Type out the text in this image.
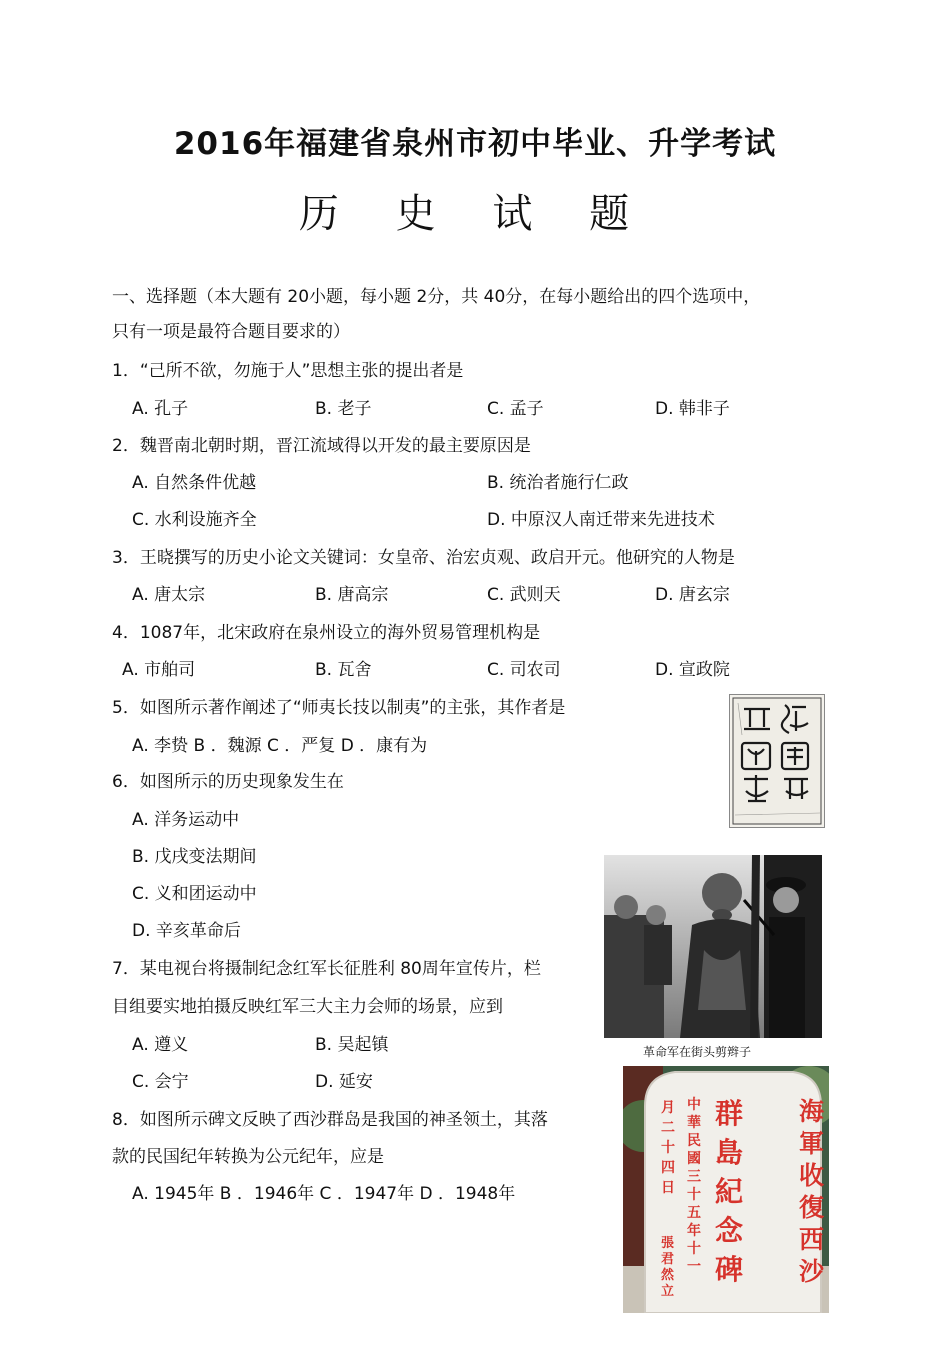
2016年福建省泉州市初中毕业、升学考试
历 史 试 题
一、选择题（本大题有 20小题，每小题 2分，共 40分，在每小题给出的四个选项中，
只有一项是最符合题目要求的）
1．“己所不欲，勿施于人”思想主张的提出者是
A. 孔子	B. 老子	C. 孟子	D. 韩非子
2．魏晋南北朝时期，晋江流域得以开发的最主要原因是
A. 自然条件优越	B. 统治者施行仁政
C. 水利设施齐全	D. 中原汉人南迁带来先进技术
3．王晓撰写的历史小论文关键词：女皇帝、治宏贞观、政启开元。他研究的人物是
A. 唐太宗	B. 唐高宗	C. 武则天	D. 唐玄宗
4．1087年，北宋政府在泉州设立的海外贸易管理机构是
A. 市舶司	B. 瓦舍	C. 司农司	D. 宣政院
5．如图所示著作阐述了“师夷长技以制夷”的主张，其作者是
A. 李贽 B ．魏源 C ．严复 D ．康有为
6．如图所示的历史现象发生在
A. 洋务运动中
B. 戊戌变法期间
C. 义和团运动中
D. 辛亥革命后
7．某电视台将摄制纪念红军长征胜利 80周年宣传片，栏
目组要实地拍摄反映红军三大主力会师的场景，应到
A. 遵义	B. 吴起镇
C. 会宁	D. 延安
8．如图所示碑文反映了西沙群岛是我国的神圣领土，其落
款的民国纪年转换为公元纪年，应是
A. 1945年 B ．1946年 C ．1947年 D ．1948年
革命军在街头剪辫子
海軍收復西沙
群島紀念碑
中華民國三十五年十一
月二十四日
張君然立
